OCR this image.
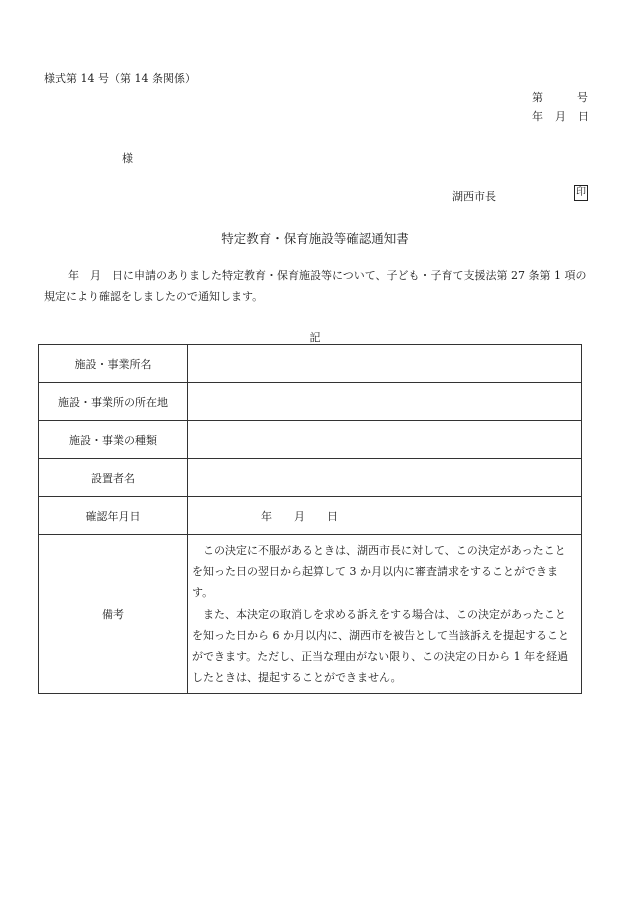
様式第 14 号（第 14 条関係）
第	号
年 月 日
様
湖西市長	印
特定教育・保育施設等確認通知書
年　月　日に申請のありました特定教育・保育施設等について、子ども・子育て支援法第 27 条第 1 項の規定により確認をしましたので通知します。
記
施設・事業所名	
施設・事業所の所在地	
施設・事業の種類	
設置者名	
確認年月日	年 月 日
備考	この決定に不服があるときは、湖西市長に対して、この決定があったことを知った日の翌日から起算して 3 か月以内に審査請求をすることができます。

また、本決定の取消しを求める訴えをする場合は、この決定があったことを知った日から 6 か月以内に、湖西市を被告として当該訴えを提起することができます。ただし、正当な理由がない限り、この決定の日から 1 年を経過したときは、提起することができません。
